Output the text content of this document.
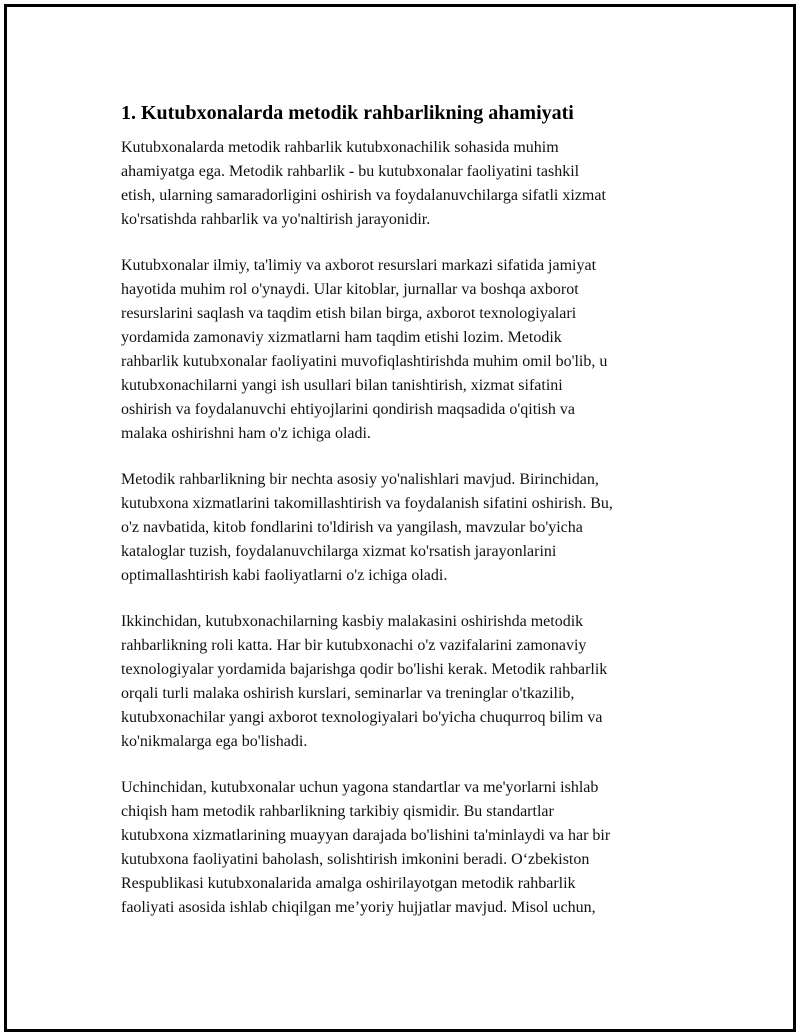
1. Kutubxonalarda metodik rahbarlikning ahamiyati

Kutubxonalarda metodik rahbarlik kutubxonachilik sohasida muhim
ahamiyatga ega. Metodik rahbarlik - bu kutubxonalar faoliyatini tashkil
etish, ularning samaradorligini oshirish va foydalanuvchilarga sifatli xizmat
ko'rsatishda rahbarlik va yo'naltirish jarayonidir.

Kutubxonalar ilmiy, ta'limiy va axborot resurslari markazi sifatida jamiyat
hayotida muhim rol o'ynaydi. Ular kitoblar, jurnallar va boshqa axborot
resurslarini saqlash va taqdim etish bilan birga, axborot texnologiyalari
yordamida zamonaviy xizmatlarni ham taqdim etishi lozim. Metodik
rahbarlik kutubxonalar faoliyatini muvofiqlashtirishda muhim omil bo'lib, u
kutubxonachilarni yangi ish usullari bilan tanishtirish, xizmat sifatini
oshirish va foydalanuvchi ehtiyojlarini qondirish maqsadida o'qitish va
malaka oshirishni ham o'z ichiga oladi.

Metodik rahbarlikning bir nechta asosiy yo'nalishlari mavjud. Birinchidan,
kutubxona xizmatlarini takomillashtirish va foydalanish sifatini oshirish. Bu,
o'z navbatida, kitob fondlarini to'ldirish va yangilash, mavzular bo'yicha
kataloglar tuzish, foydalanuvchilarga xizmat ko'rsatish jarayonlarini
optimallashtirish kabi faoliyatlarni o'z ichiga oladi.

Ikkinchidan, kutubxonachilarning kasbiy malakasini oshirishda metodik
rahbarlikning roli katta. Har bir kutubxonachi o'z vazifalarini zamonaviy
texnologiyalar yordamida bajarishga qodir bo'lishi kerak. Metodik rahbarlik
orqali turli malaka oshirish kurslari, seminarlar va treninglar o'tkazilib,
kutubxonachilar yangi axborot texnologiyalari bo'yicha chuqurroq bilim va
ko'nikmalarga ega bo'lishadi.

Uchinchidan, kutubxonalar uchun yagona standartlar va me'yorlarni ishlab
chiqish ham metodik rahbarlikning tarkibiy qismidir. Bu standartlar
kutubxona xizmatlarining muayyan darajada bo'lishini ta'minlaydi va har bir
kutubxona faoliyatini baholash, solishtirish imkonini beradi. O‘zbekiston
Respublikasi kutubxonalarida amalga oshirilayotgan metodik rahbarlik
faoliyati asosida ishlab chiqilgan me’yoriy hujjatlar mavjud. Misol uchun,
